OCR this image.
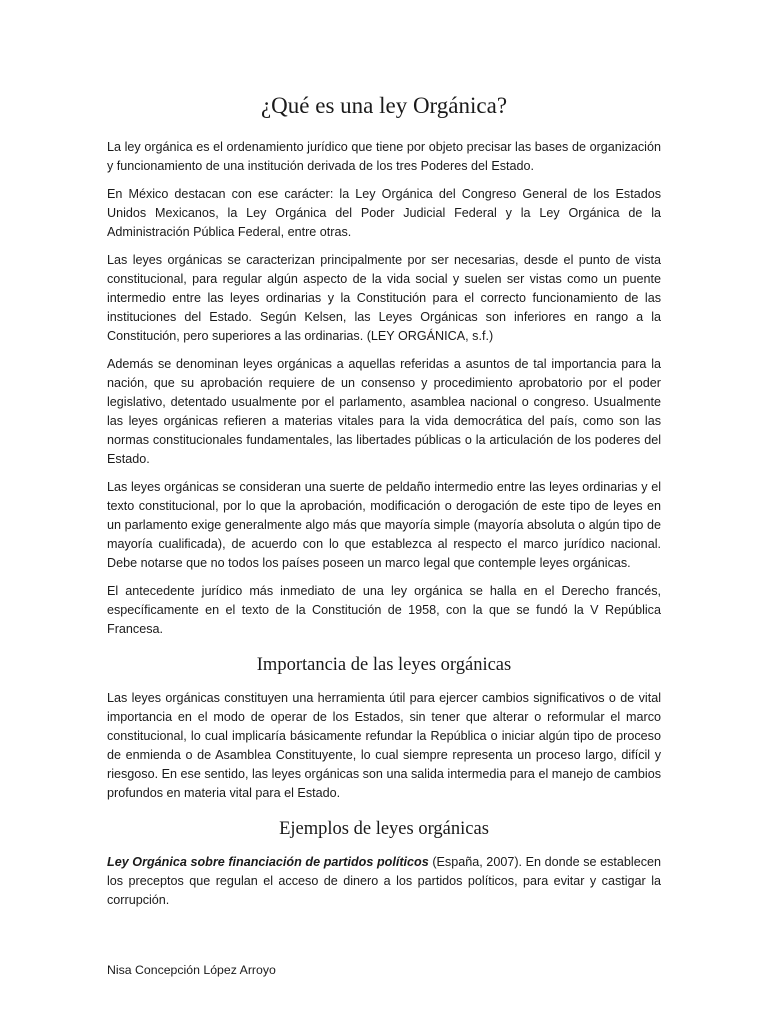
¿Qué es una ley Orgánica?

La ley orgánica es el ordenamiento jurídico que tiene por objeto precisar las bases de organización y funcionamiento de una institución derivada de los tres Poderes del Estado.

En México destacan con ese carácter: la Ley Orgánica del Congreso General de los Estados Unidos Mexicanos, la Ley Orgánica del Poder Judicial Federal y la Ley Orgánica de la Administración Pública Federal, entre otras.

Las leyes orgánicas se caracterizan principalmente por ser necesarias, desde el punto de vista constitucional, para regular algún aspecto de la vida social y suelen ser vistas como un puente intermedio entre las leyes ordinarias y la Constitución para el correcto funcionamiento de las instituciones del Estado. Según Kelsen, las Leyes Orgánicas son inferiores en rango a la Constitución, pero superiores a las ordinarias. (LEY ORGÁNICA, s.f.)

Además se denominan leyes orgánicas a aquellas referidas a asuntos de tal importancia para la nación, que su aprobación requiere de un consenso y procedimiento aprobatorio por el poder legislativo, detentado usualmente por el parlamento, asamblea nacional o congreso. Usualmente las leyes orgánicas refieren a materias vitales para la vida democrática del país, como son las normas constitucionales fundamentales, las libertades públicas o la articulación de los poderes del Estado.

Las leyes orgánicas se consideran una suerte de peldaño intermedio entre las leyes ordinarias y el texto constitucional, por lo que la aprobación, modificación o derogación de este tipo de leyes en un parlamento exige generalmente algo más que mayoría simple (mayoría absoluta o algún tipo de mayoría cualificada), de acuerdo con lo que establezca al respecto el marco jurídico nacional. Debe notarse que no todos los países poseen un marco legal que contemple leyes orgánicas.

El antecedente jurídico más inmediato de una ley orgánica se halla en el Derecho francés, específicamente en el texto de la Constitución de 1958, con la que se fundó la V República Francesa.

Importancia de las leyes orgánicas

Las leyes orgánicas constituyen una herramienta útil para ejercer cambios significativos o de vital importancia en el modo de operar de los Estados, sin tener que alterar o reformular el marco constitucional, lo cual implicaría básicamente refundar la República o iniciar algún tipo de proceso de enmienda o de Asamblea Constituyente, lo cual siempre representa un proceso largo, difícil y riesgoso. En ese sentido, las leyes orgánicas son una salida intermedia para el manejo de cambios profundos en materia vital para el Estado.

Ejemplos de leyes orgánicas

Ley Orgánica sobre financiación de partidos políticos (España, 2007). En donde se establecen los preceptos que regulan el acceso de dinero a los partidos políticos, para evitar y castigar la corrupción.

Nisa Concepción López Arroyo
